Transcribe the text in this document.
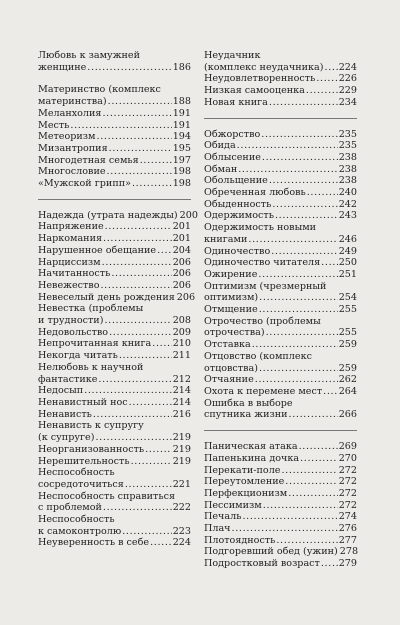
Любовь к замужней
женщине . . .	186
Материнство (комплекс
материнства) . . .	188
Меланхолия . . .	191
Месть . . .	191
Метеоризм . . .	194
Мизантропия . . .	195
Многодетная семья . . .	197
Многословие . . .	198
«Мужской грипп» . . .	198
Надежда (утрата надежды) 200
Напряжение . . .	201
Наркомания . . .	201
Нарушенное обещание . . . 204
Нарциссизм . . .	206
Начитанность . . .	206
Невежество . . .	206
Невеселый день рождения 206
Невестка (проблемы
и трудности) . . .	208
Недовольство . . .	209
Непрочитанная книга . . . 210
Некогда читать . . .	211
Нелюбовь к научной
фантастике . . .	212
Недосып . . .	214
Ненавистный нос . . .	214
Ненависть . . .	216
Ненависть к супругу
(к супруге) . . .	219
Неорганизованность . . .	219
Нерешительность . . .	219
Неспособность
сосредоточиться . . .	221
Неспособность справиться
с проблемой . . .	222
Неспособность
к самоконтролю . . .	223
Неуверенность в себе . . . 224
Неудачник
(комплекс неудачника) . . . 224
Неудовлетворенность . . . 226
Низкая самооценка . . .	229
Новая книга . . .	234
Обжорство . . .	235
Обида . . .	235
Облысение . . .	238
Обман . . .	238
Обольщение . . .	238
Обреченная любовь . . .	240
Обыденность . . .	242
Одержимость . . .	243
Одержимость новыми
книгами . . .	246
Одиночество . . .	249
Одиночество читателя . . . 250
Ожирение . . .	251
Оптимизм (чрезмерный
оптимизм) . . .	254
Отмщение . . .	255
Отрочество (проблемы
отрочества) . . .	255
Отставка . . .	259
Отцовство (комплекс
отцовства) . . .	259
Отчаяние . . .	262
Охота к перемене мест . . . 264
Ошибка в выборе
спутника жизни . . .	266
Паническая атака . . .	269
Папенькина дочка . . .	270
Перекати-поле . . .	272
Переутомление . . .	272
Перфекционизм . . .	272
Пессимизм . . .	272
Печаль . . .	274
Плач . . .	276
Плотоядность . . .	277
Подгоревший обед (ужин) 278
Подростковый возраст . . . 279
